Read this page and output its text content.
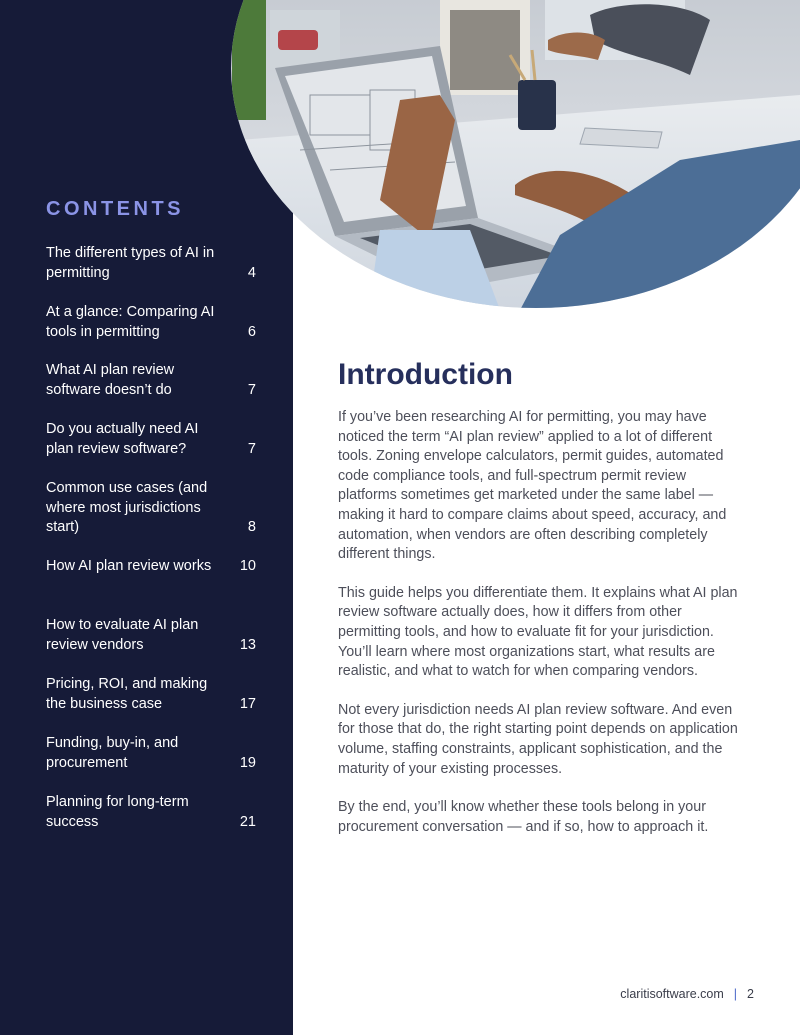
CONTENTS
The different types of AI in permitting	4
At a glance: Comparing AI tools in permitting	6
What AI plan review software doesn’t do	7
Do you actually need AI plan review software?	7
Common use cases (and where most jurisdictions start)	8
How AI plan review works	10
How to evaluate AI plan review vendors	13
Pricing, ROI, and making the business case	17
Funding, buy-in, and procurement	19
Planning for long-term success	21
Introduction

If you’ve been researching AI for permitting, you may have noticed the term “AI plan review” applied to a lot of different tools. Zoning envelope calculators, permit guides, automated code compliance tools, and full-spectrum permit review platforms sometimes get marketed under the same label — making it hard to compare claims about speed, accuracy, and automation, when vendors are often describing completely different things.

This guide helps you differentiate them. It explains what AI plan review software actually does, how it differs from other permitting tools, and how to evaluate fit for your jurisdiction. You’ll learn where most organizations start, what results are realistic, and what to watch for when comparing vendors.

Not every jurisdiction needs AI plan review software. And even for those that do, the right starting point depends on application volume, staffing constraints, applicant sophistication, and the maturity of your existing processes.

By the end, you’ll know whether these tools belong in your procurement conversation — and if so, how to approach it.

claritisoftware.com | 2
